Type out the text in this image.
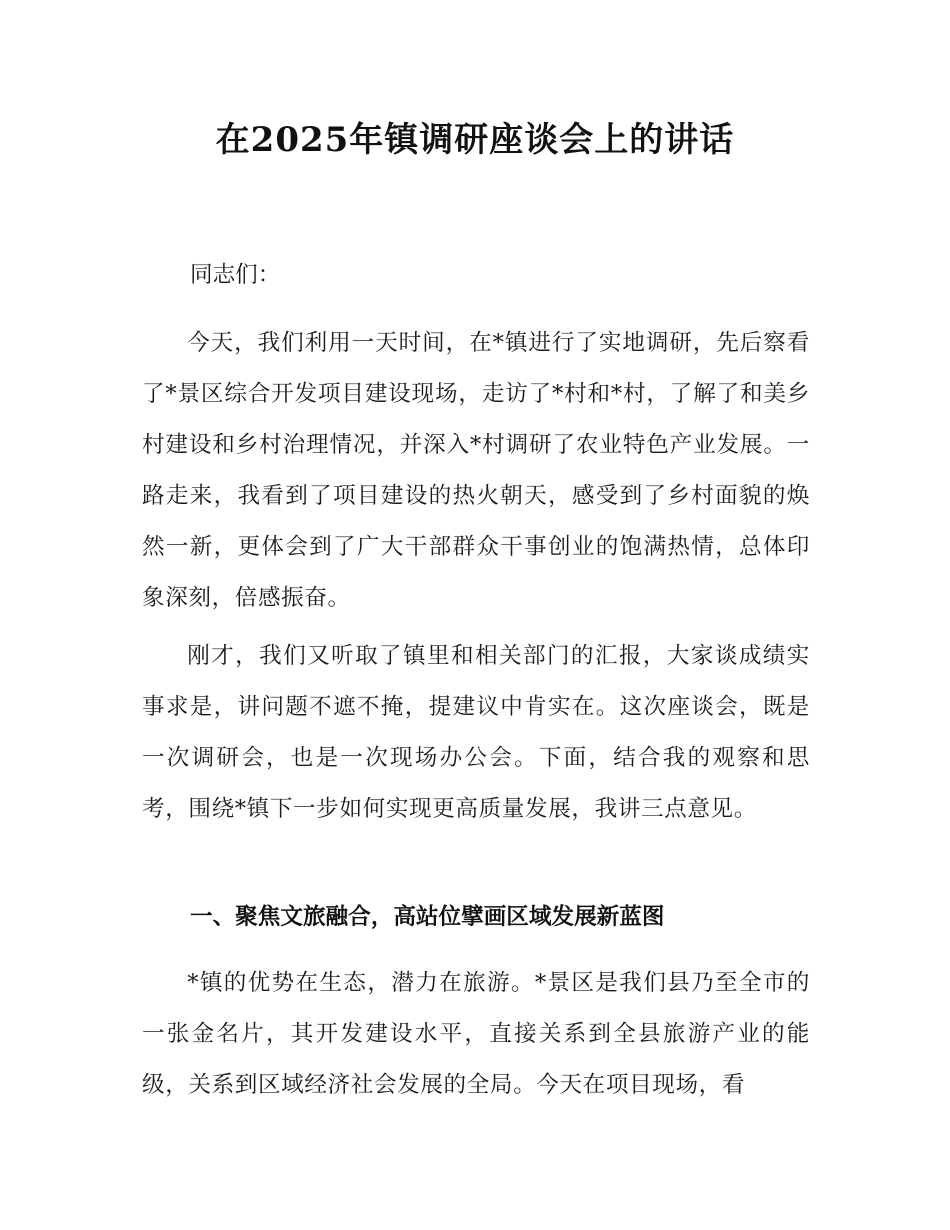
在2025年镇调研座谈会上的讲话
同志们：

今天，我们利用一天时间，在*镇进行了实地调研，先后察看了*景区综合开发项目建设现场，走访了*村和*村，了解了和美乡村建设和乡村治理情况，并深入*村调研了农业特色产业发展。一路走来，我看到了项目建设的热火朝天，感受到了乡村面貌的焕然一新，更体会到了广大干部群众干事创业的饱满热情，总体印象深刻，倍感振奋。

刚才，我们又听取了镇里和相关部门的汇报，大家谈成绩实事求是，讲问题不遮不掩，提建议中肯实在。这次座谈会，既是一次调研会，也是一次现场办公会。下面，结合我的观察和思考，围绕*镇下一步如何实现更高质量发展，我讲三点意见。

一、聚焦文旅融合，高站位擘画区域发展新蓝图

*镇的优势在生态，潜力在旅游。*景区是我们县乃至全市的一张金名片，其开发建设水平，直接关系到全县旅游产业的能级，关系到区域经济社会发展的全局。今天在项目现场，看
